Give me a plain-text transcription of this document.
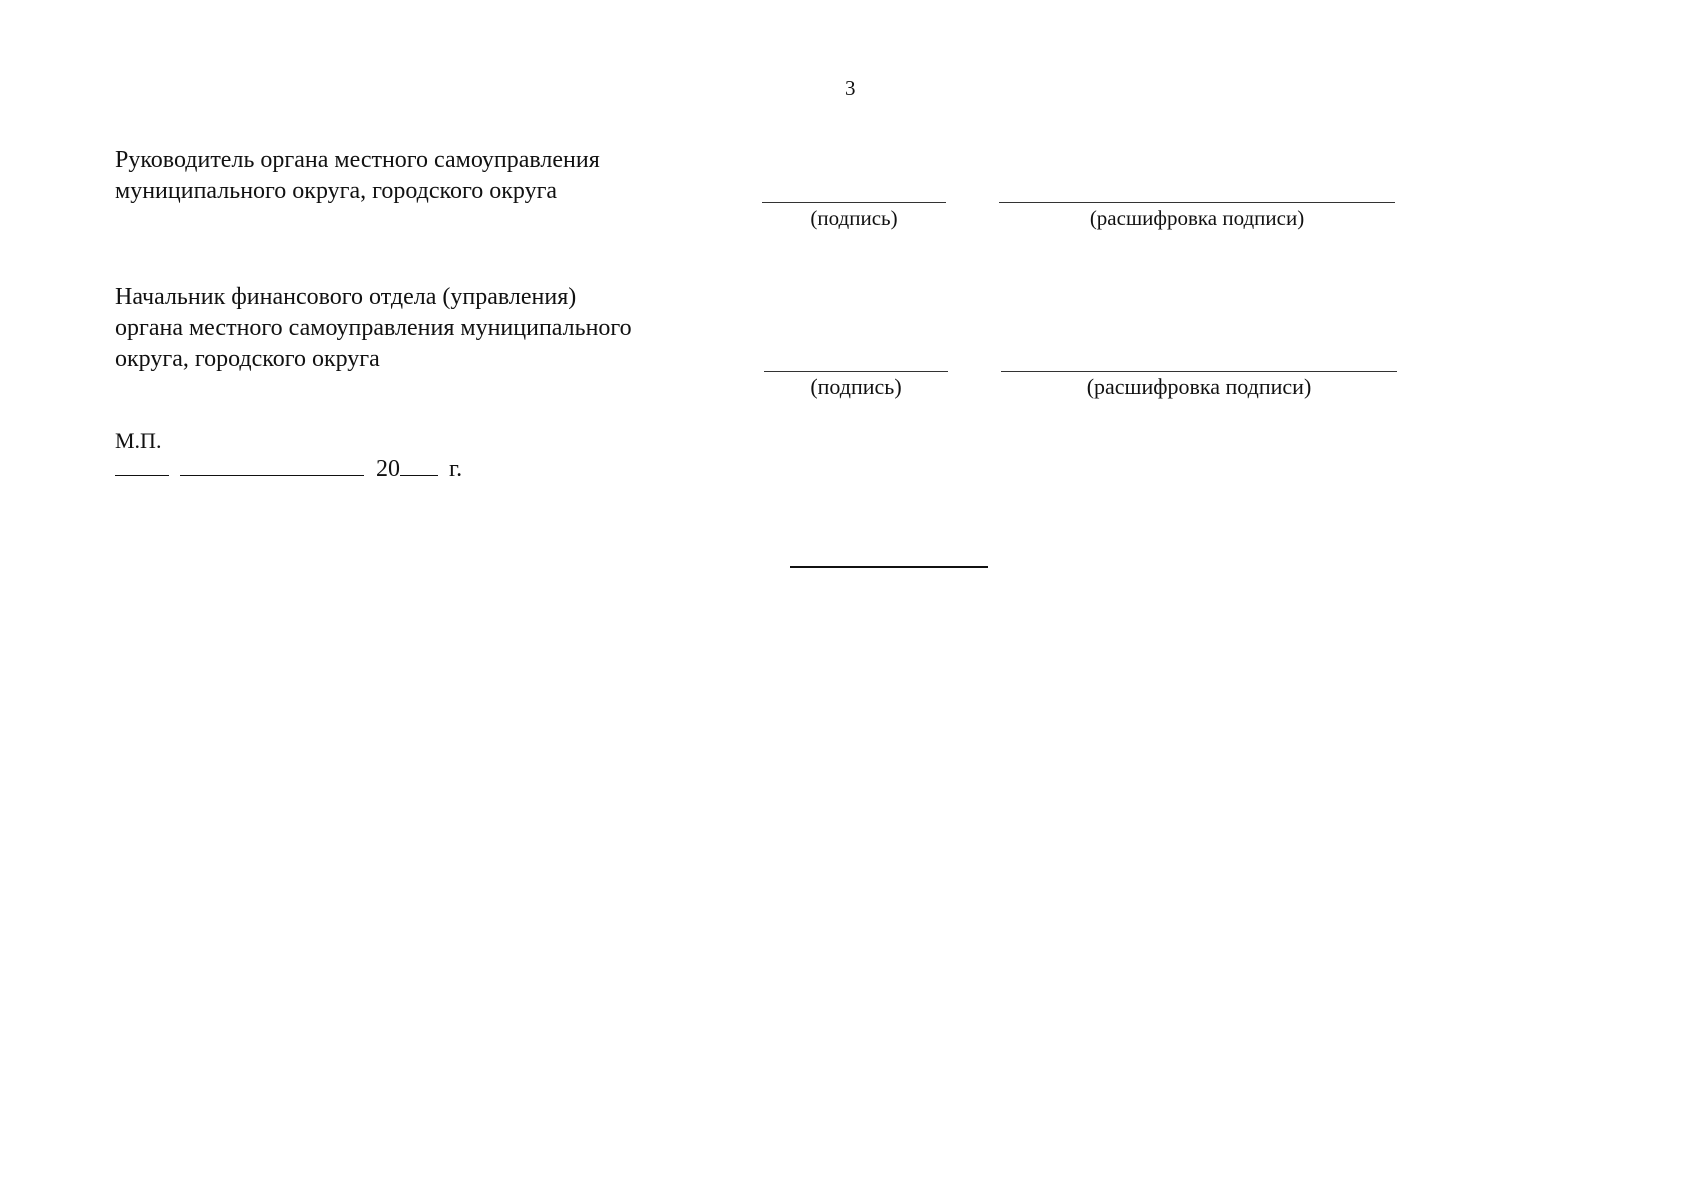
3
Руководитель органа местного самоуправления
муниципального округа, городского округа
(подпись)	(расшифровка подписи)
Начальник финансового отдела (управления)
органа местного самоуправления муниципального
округа, городского округа
(подпись)	(расшифровка подписи)
М.П.
20 г.
